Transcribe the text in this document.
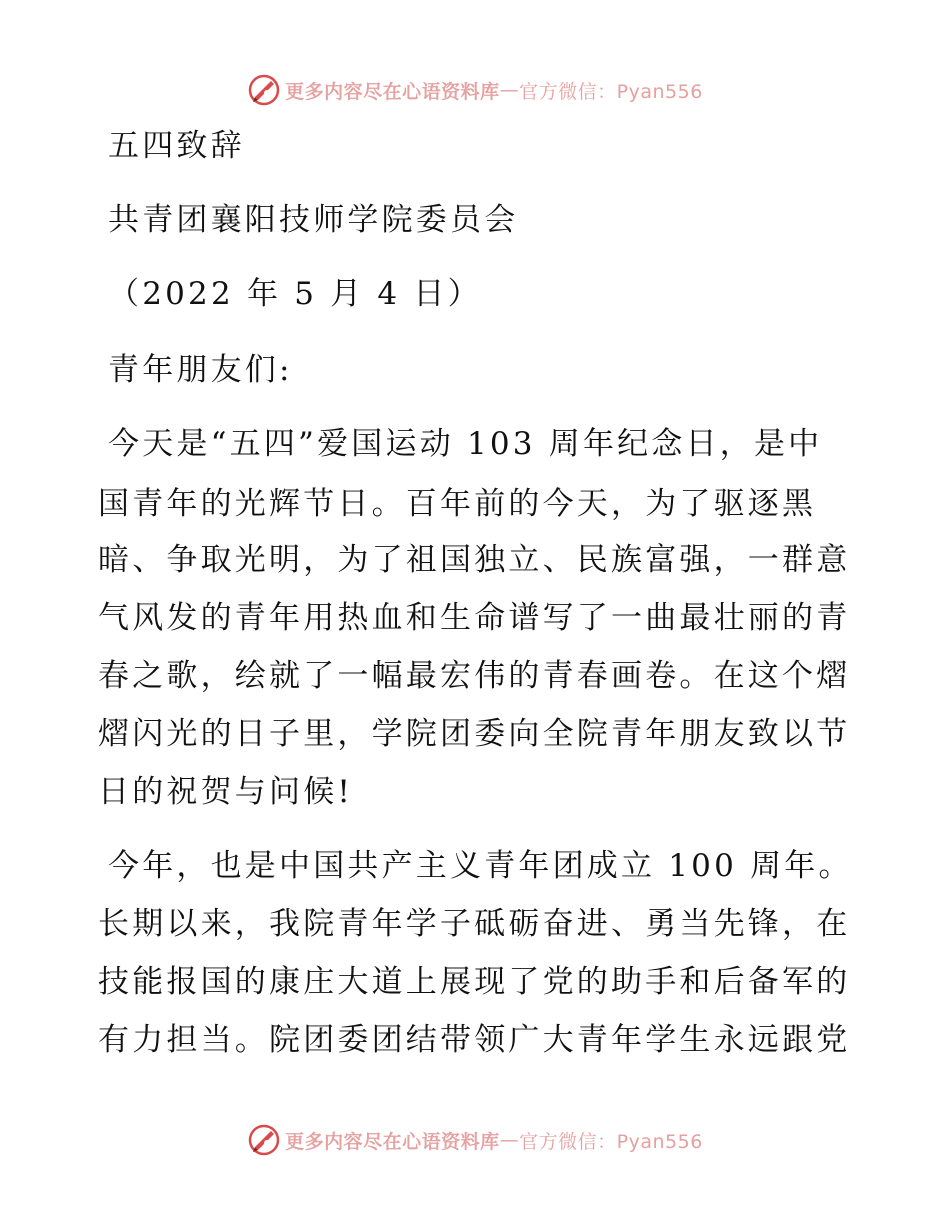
更多内容尽在心语资料库 — 官方微信：Pyan556
五四致辞
共青团襄阳技师学院委员会
（2022 年 5 月 4 日）
青年朋友们:
今天是“五四”爱国运动 103 周年纪念日，是中
国青年的光辉节日。百年前的今天，为了驱逐黑
暗、争取光明，为了祖国独立、民族富强，一群意
气风发的青年用热血和生命谱写了一曲最壮丽的青
春之歌，绘就了一幅最宏伟的青春画卷。在这个熠
熠闪光的日子里，学院团委向全院青年朋友致以节
日的祝贺与问候!
今年，也是中国共产主义青年团成立 100 周年。
长期以来，我院青年学子砥砺奋进、勇当先锋，在
技能报国的康庄大道上展现了党的助手和后备军的
有力担当。院团委团结带领广大青年学生永远跟党
更多内容尽在心语资料库 — 官方微信：Pyan556
